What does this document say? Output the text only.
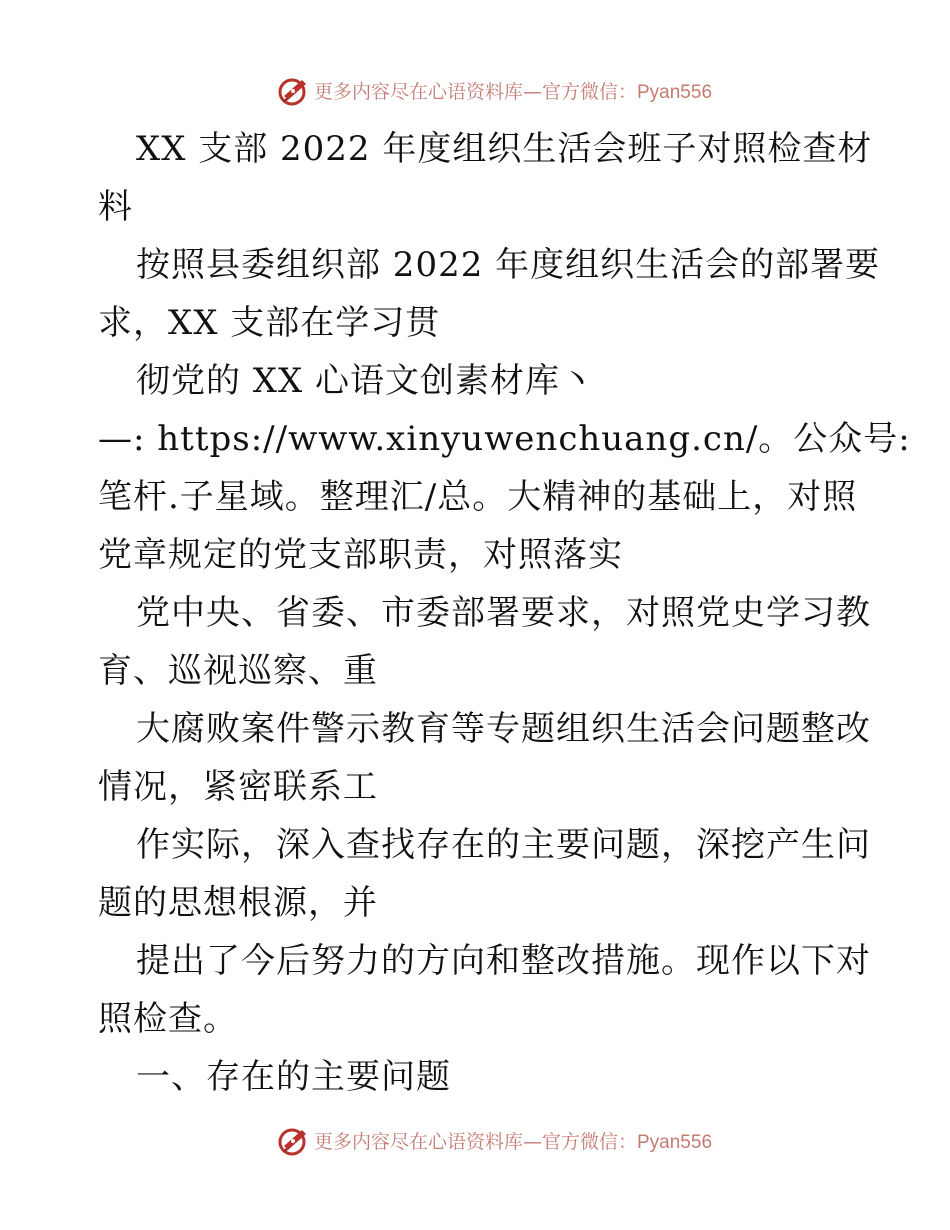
更多内容尽在心语资料库—官方微信：Pyan556
XX 支部 2022 年度组织生活会班子对照检查材
料
按照县委组织部 2022 年度组织生活会的部署要
求，XX 支部在学习贯
彻党的 XX 心语文创素材库丶
—: https://www.xinyuwenchuang.cn/。公众号:
笔杆.子星域。整理汇/总。大精神的基础上，对照
党章规定的党支部职责，对照落实
党中央、省委、市委部署要求，对照党史学习教
育、巡视巡察、重
大腐败案件警示教育等专题组织生活会问题整改
情况，紧密联系工
作实际，深入查找存在的主要问题，深挖产生问
题的思想根源，并
提出了今后努力的方向和整改措施。现作以下对
照检查。
一、存在的主要问题
更多内容尽在心语资料库—官方微信：Pyan556
